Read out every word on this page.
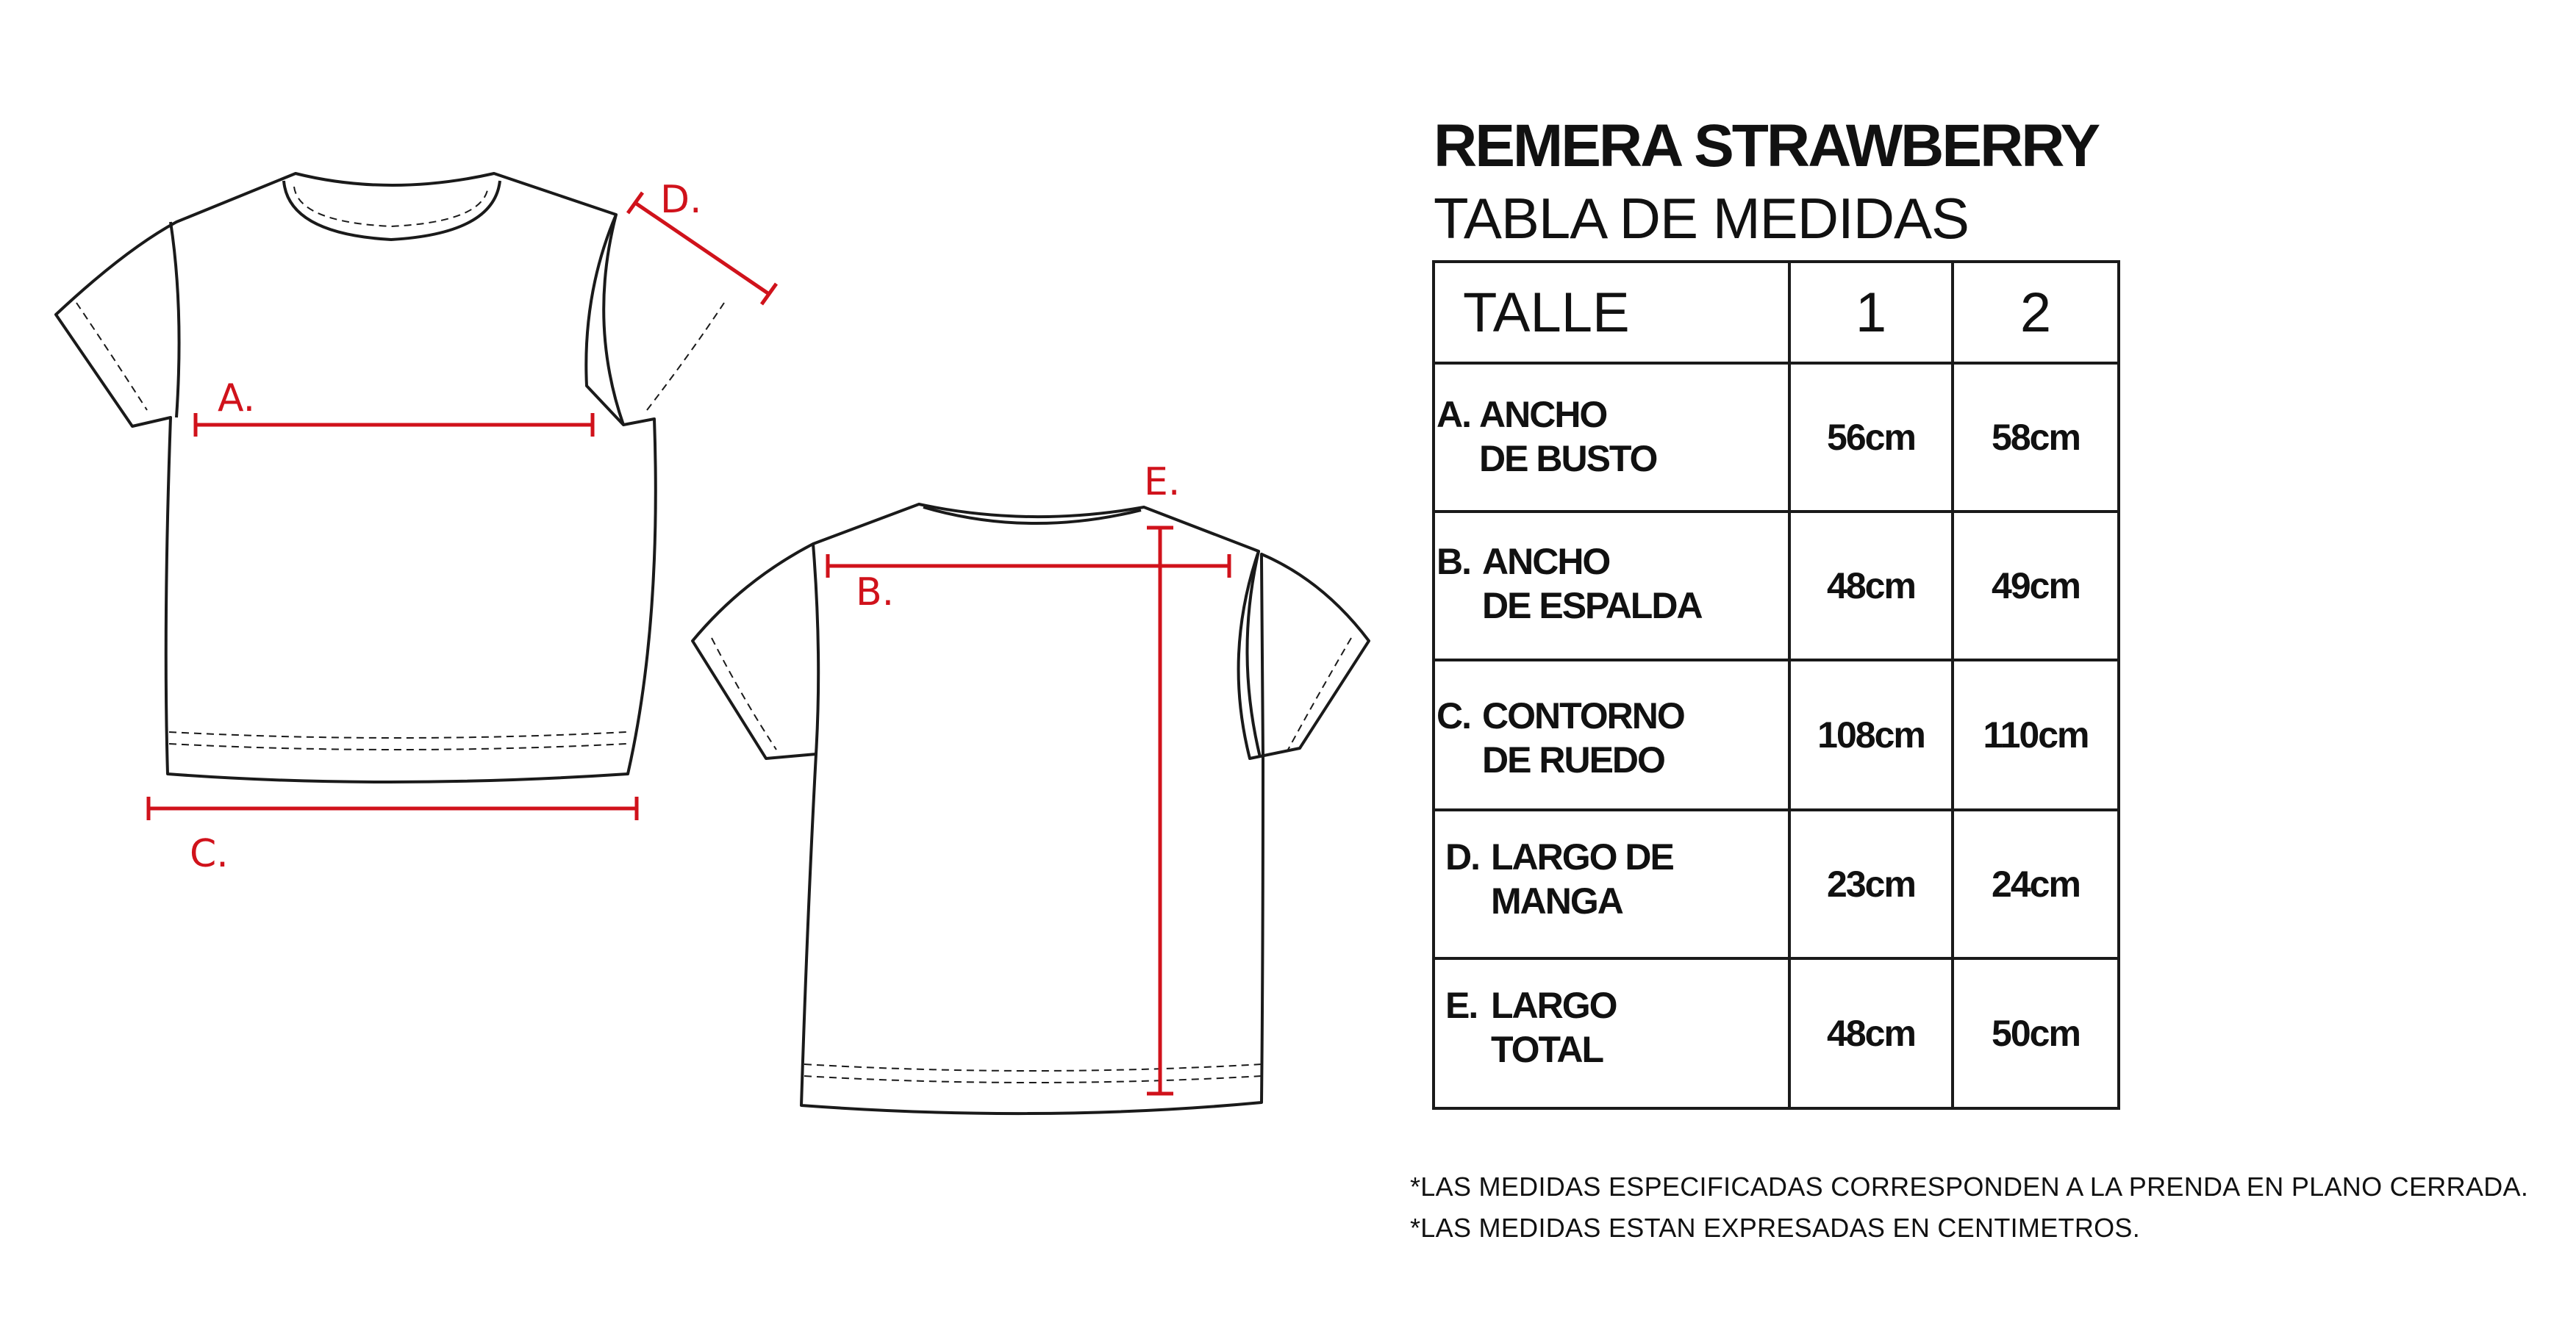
A.
B.
C.
D.
E.
REMERA STRAWBERRY
TABLA DE MEDIDAS
TALLE	1	2
A. ANCHO
DE BUSTO
56cm	58cm
B. ANCHO
DE ESPALDA	48cm	49cm
C. CONTORNO
DE RUEDO
108cm	110cm
D. LARGO DE
MANGA	23cm	24cm
E. LARGO
TOTAL	48cm	50cm
*LAS MEDIDAS ESPECIFICADAS CORRESPONDEN A LA PRENDA EN PLANO CERRADA.
*LAS MEDIDAS ESTAN EXPRESADAS EN CENTIMETROS.
